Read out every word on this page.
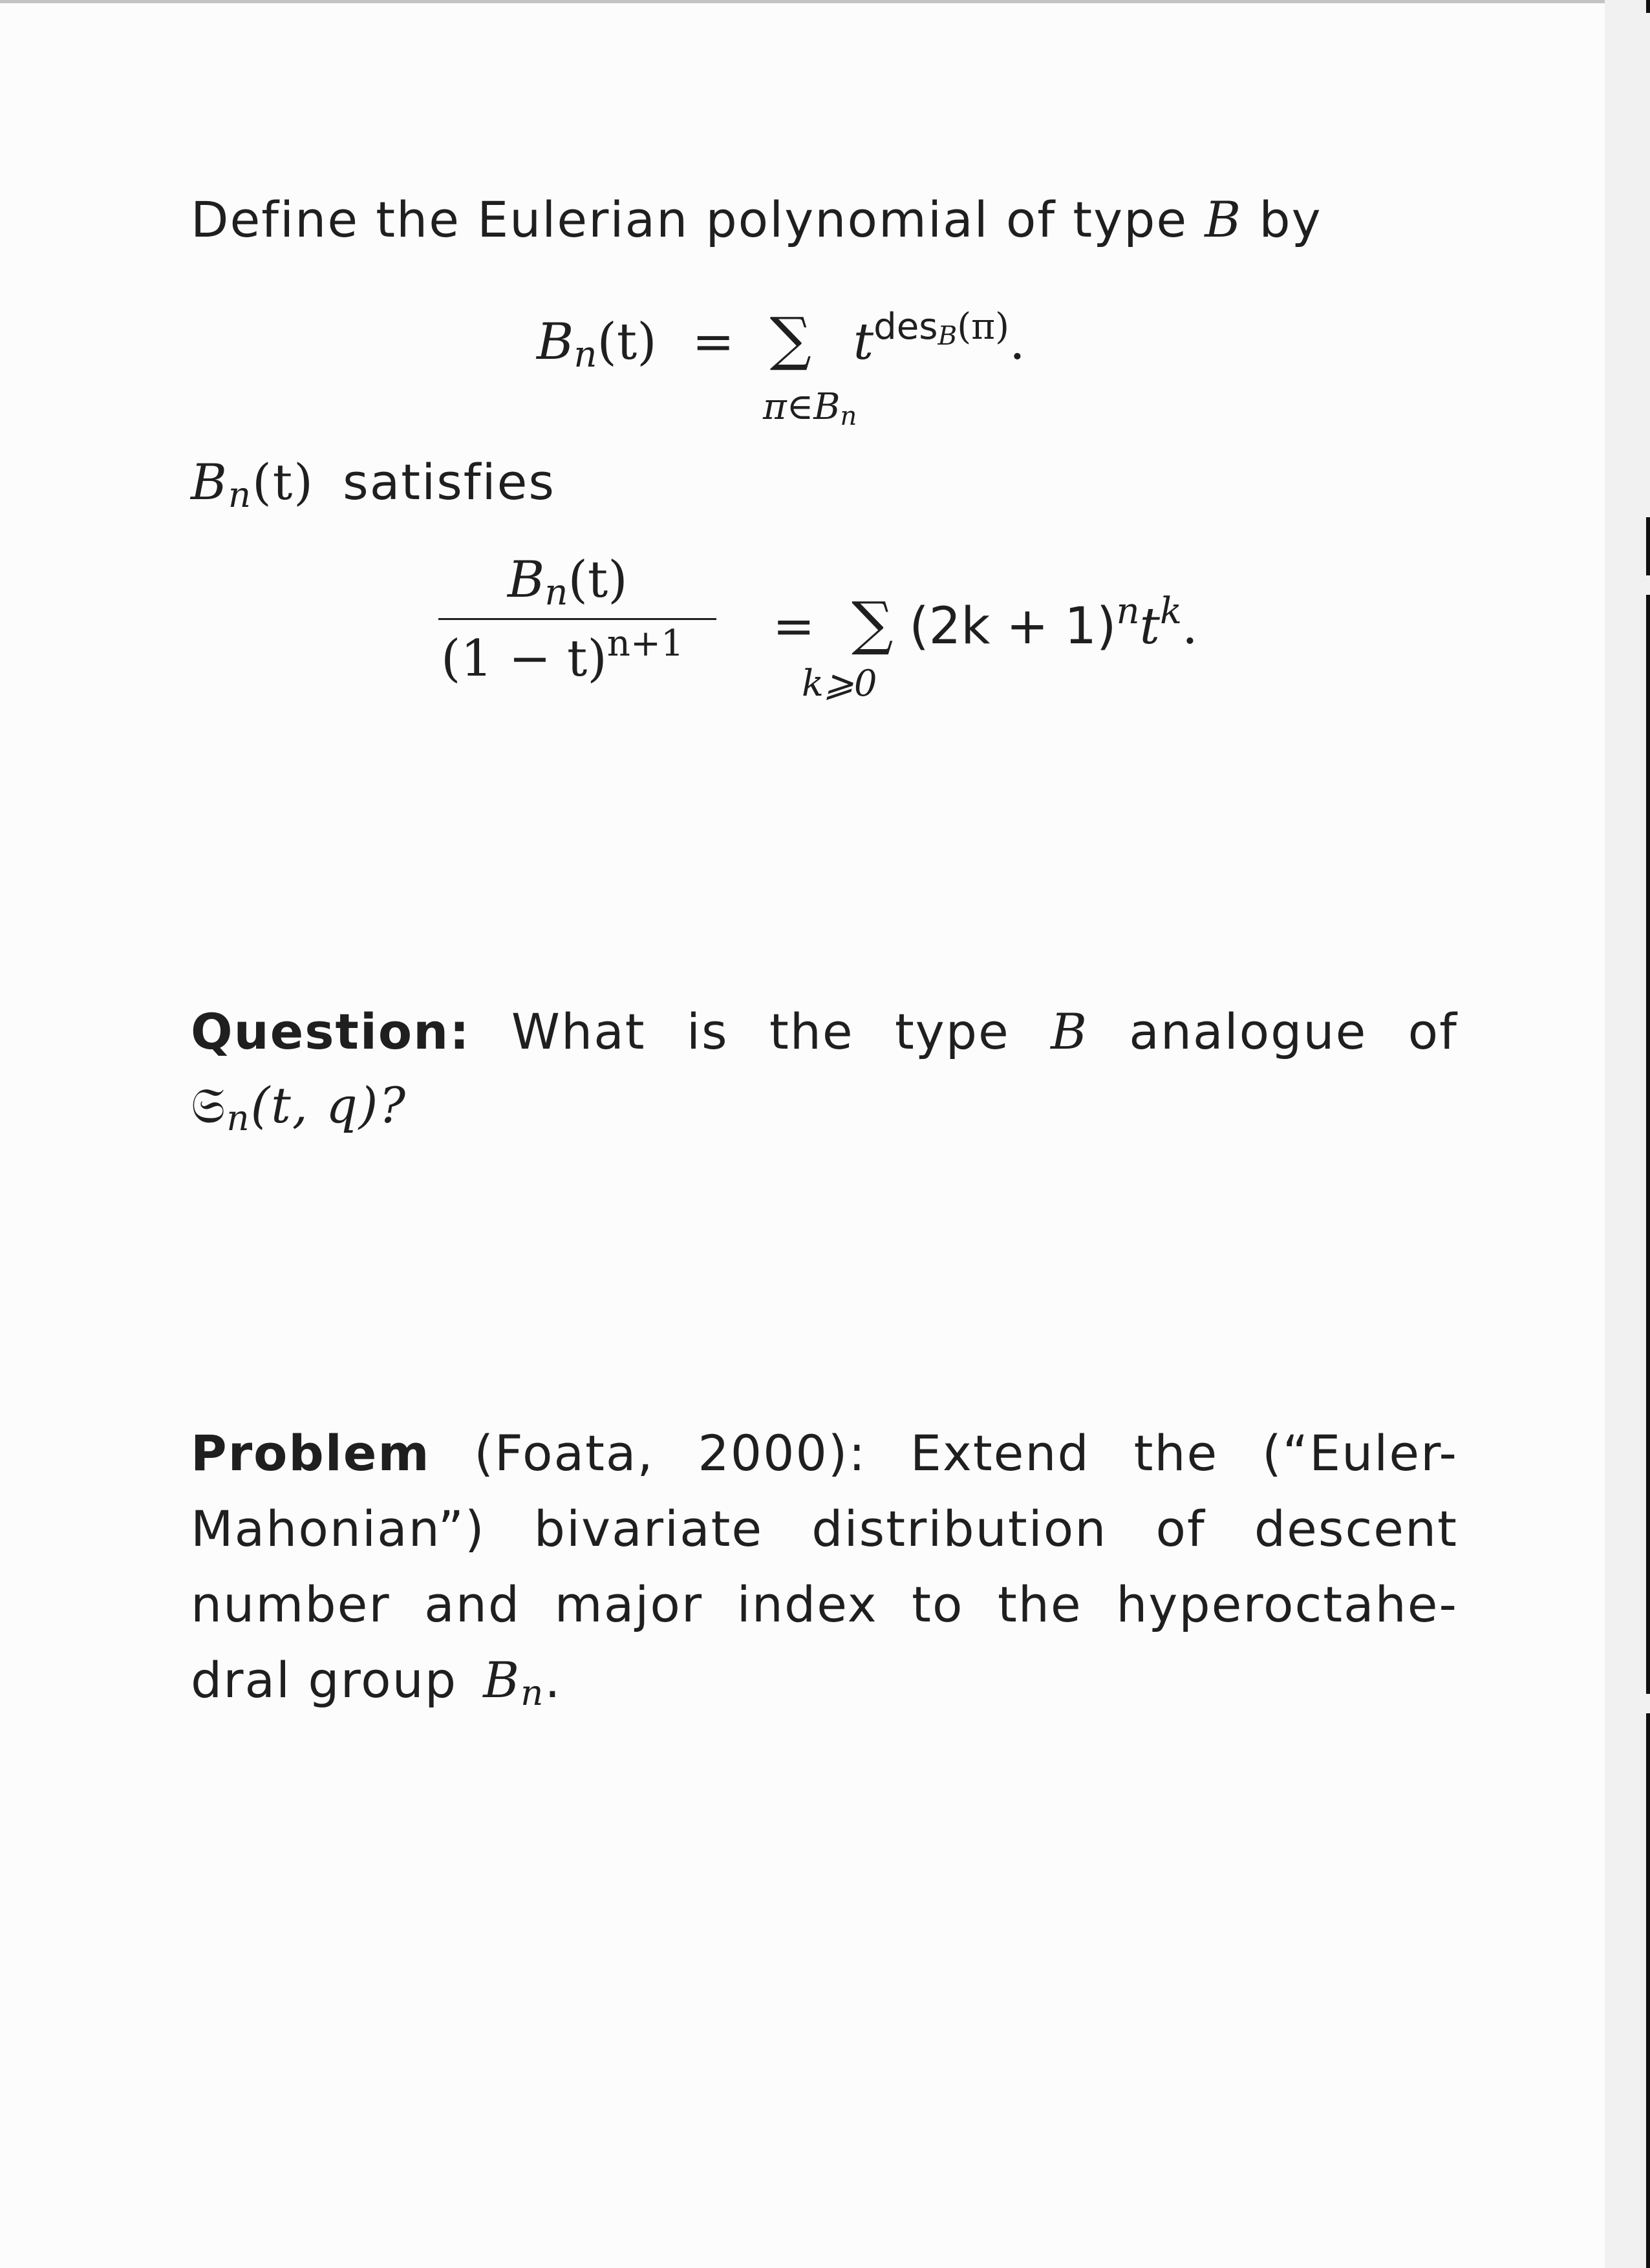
Define the Eulerian polynomial of type B by
Bn(t) = ∑ $t^{desB(\pi)}$.
π∈Bn
Bn(t) satisfies
Bn(t)
$(1 - t)^{n+1}$ = ∑ $(2k + 1)^nt^k$.
k⩾0
Question: What is the type B analogue of
𝔖n(t, q)?
Problem (Foata, 2000): Extend the (“Euler-
Mahonian”) bivariate distribution of descent
number and major index to the hyperoctahe-
dral group Bn.
